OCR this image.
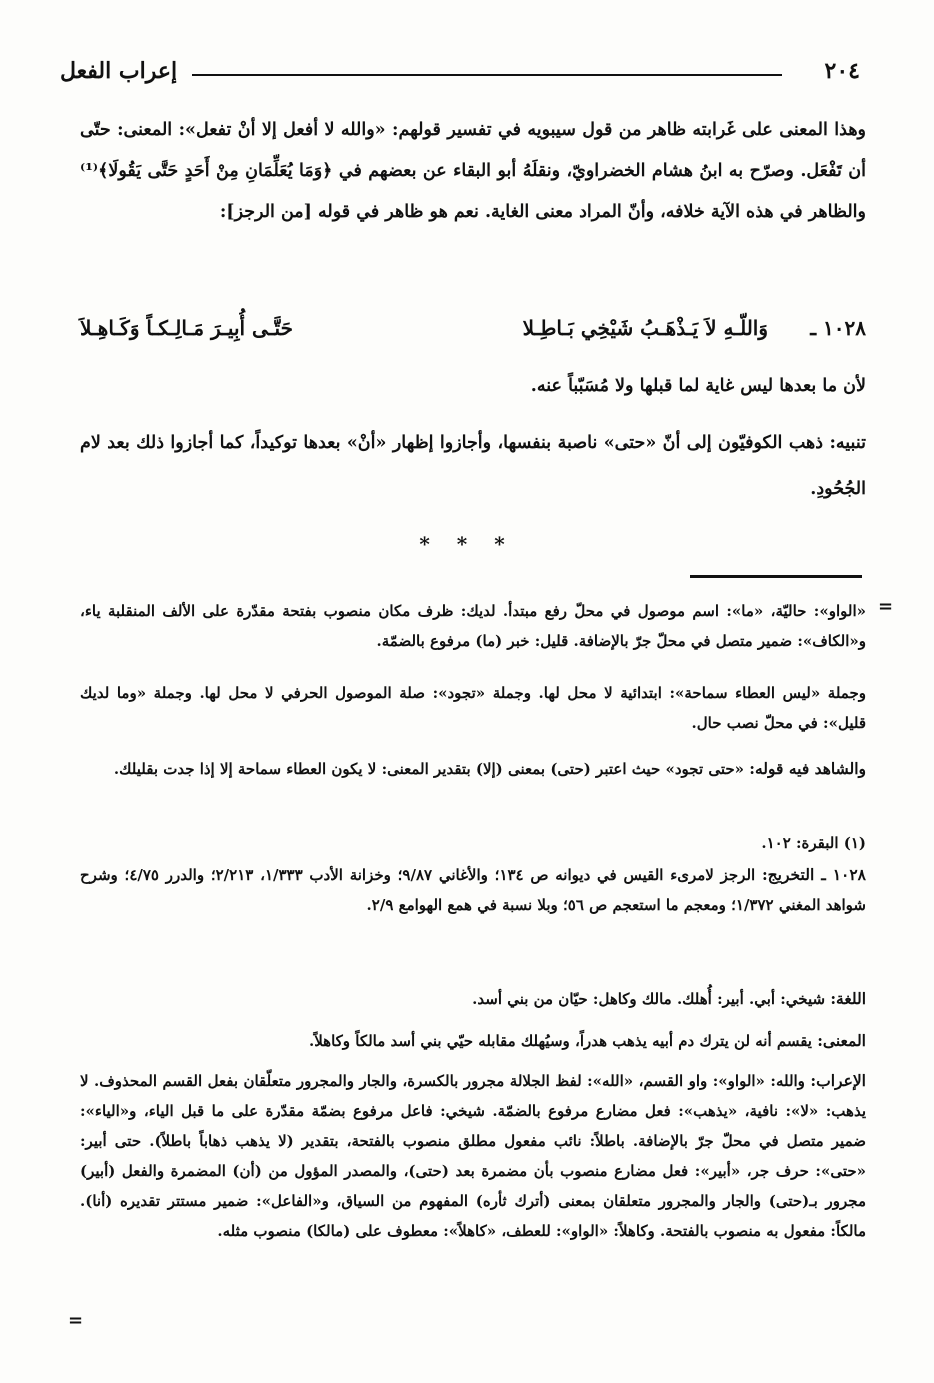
إعراب الفعل	٢٠٤

وهذا المعنى على غَرابته ظاهر من قول سيبويه في تفسير قولهم: «والله لا أفعل إلا أنْ تفعل»: المعنى: حتّى أن تَفْعَل. وصرّح به ابنُ هشام الخضراويّ، ونقلَهُ أبو البقاء عن بعضهم في ﴿وَمَا يُعَلِّمَانِ مِنْ أَحَدٍ حَتَّى يَقُولَا﴾⁽¹⁾ والظاهر في هذه الآية خلافه، وأنّ المراد معنى الغاية. نعم هو ظاهر في قوله [من الرجز]:

١٠٢٨ ـ
وَاللّـهِ لاَ يَـذْهَـبُ شَيْخِي بَـاطِـلا
حَتَّـى أُبِيـرَ مَـالِـكـاً وَكَـاهِـلاَ
لأن ما بعدها ليس غاية لما قبلها ولا مُسَبّباً عنه.
تنبيه: ذهب الكوفيّون إلى أنّ «حتى» ناصبة بنفسها، وأجازوا إظهار «أنْ» بعدها توكيداً، كما أجازوا ذلك بعد لام الجُحُودِ.
* * *
=

«الواو»: حاليّة، «ما»: اسم موصول في محلّ رفع مبتدأ. لديك: ظرف مكان منصوب بفتحة مقدّرة على الألف المنقلبة ياء، و«الكاف»: ضمير متصل في محلّ جرّ بالإضافة. قليل: خبر (ما) مرفوع بالضمّة.

وجملة «ليس العطاء سماحة»: ابتدائية لا محل لها. وجملة «تجود»: صلة الموصول الحرفي لا محل لها. وجملة «وما لديك قليل»: في محلّ نصب حال.

والشاهد فيه قوله: «حتى تجود» حيث اعتبر (حتى) بمعنى (إلا) بتقدير المعنى: لا يكون العطاء سماحة إلا إذا جدت بقليلك.

(١) البقرة: ١٠٢.

١٠٢٨ ـ التخريج: الرجز لامرىء القيس في ديوانه ص ١٣٤؛ والأغاني ٩/٨٧؛ وخزانة الأدب ١/٣٣٣، ٢/٢١٣؛ والدرر ٤/٧٥؛ وشرح شواهد المغني ١/٣٧٢؛ ومعجم ما استعجم ص ٥٦؛ وبلا نسبة في همع الهوامع ٢/٩.

اللغة: شيخي: أبي. أبير: أُهلك. مالك وكاهل: حيّان من بني أسد.

المعنى: يقسم أنه لن يترك دم أبيه يذهب هدراً، وسيُهلك مقابله حيّي بني أسد مالكاً وكاهلاً.

الإعراب: والله: «الواو»: واو القسم، «الله»: لفظ الجلالة مجرور بالكسرة، والجار والمجرور متعلّقان بفعل القسم المحذوف. لا يذهب: «لا»: نافية، «يذهب»: فعل مضارع مرفوع بالضمّة. شيخي: فاعل مرفوع بضمّة مقدّرة على ما قبل الياء، و«الياء»: ضمير متصل في محلّ جرّ بالإضافة. باطلاً: نائب مفعول مطلق منصوب بالفتحة، بتقدير (لا يذهب ذهاباً باطلاً). حتى أبير: «حتى»: حرف جر، «أبير»: فعل مضارع منصوب بأن مضمرة بعد (حتى)، والمصدر المؤول من (أن) المضمرة والفعل (أبير) مجرور بـ(حتى) والجار والمجرور متعلقان بمعنى (أترك ثأره) المفهوم من السياق، و«الفاعل»: ضمير مستتر تقديره (أنا). مالكاً: مفعول به منصوب بالفتحة. وكاهلاً: «الواو»: للعطف، «كاهلاً»: معطوف على (مالكا) منصوب مثله.

=
